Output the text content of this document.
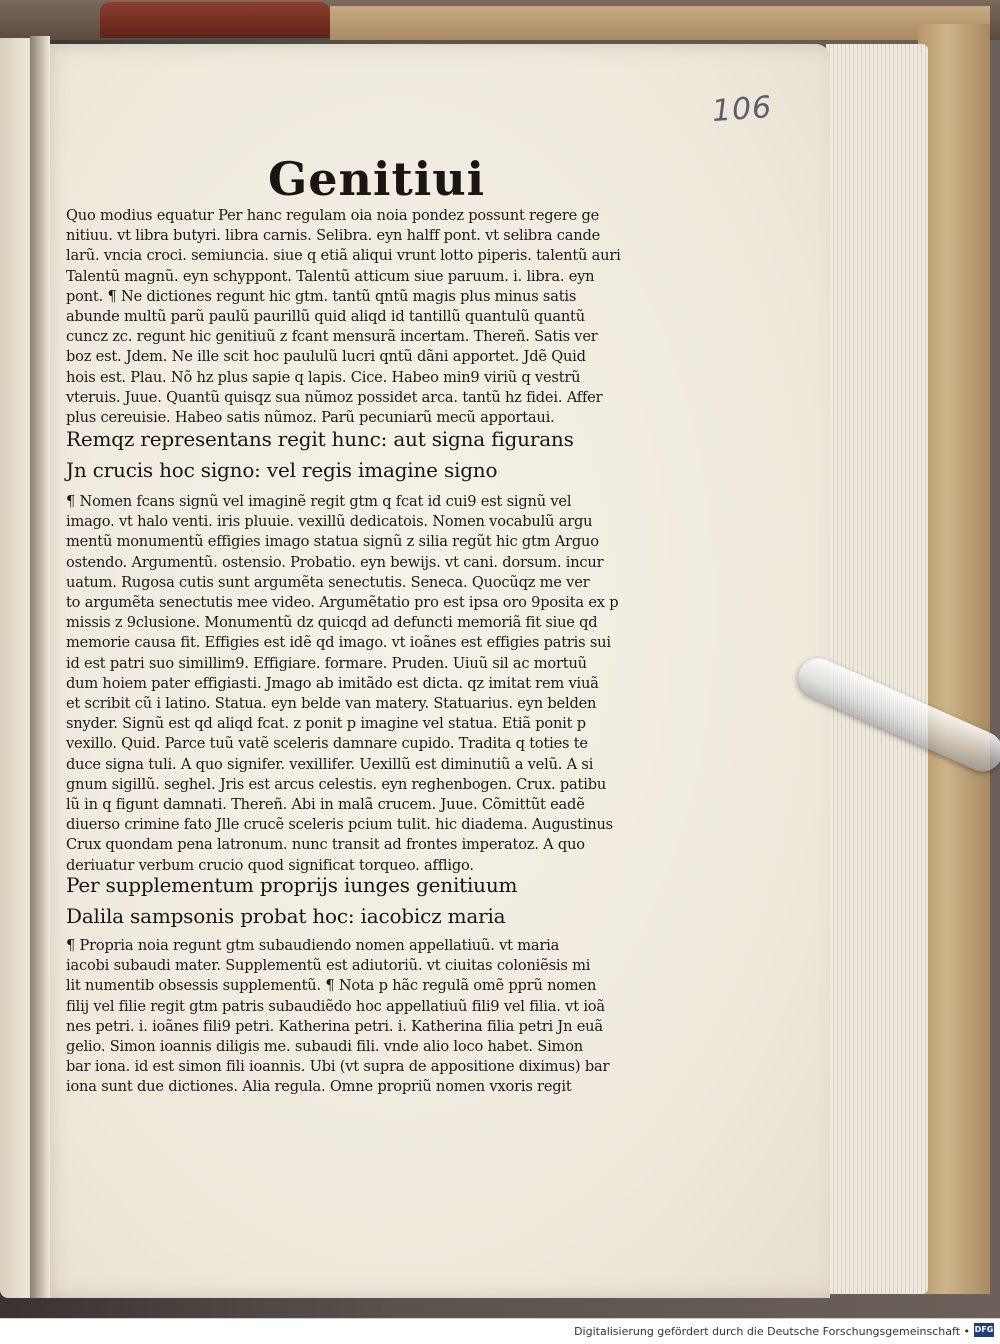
106
Genitiui
Quo modius equatur Per hanc regulam oia noia pondez possunt regere ge
nitiuu. vt libra butyri. libra carnis. Selibra. eyn halff pont. vt selibra cande
larũ. vncia croci. semiuncia. siue q etiã aliqui vrunt lotto piperis. talentũ auri
Talentũ magnũ. eyn schyppont. Talentũ atticum siue paruum. i. libra. eyn
pont. ¶ Ne dictiones regunt hic gtm. tantũ qntũ magis plus minus satis
abunde multũ parũ paulũ paurillũ quid aliqd id tantillũ quantulũ quantũ
cuncz zc. regunt hic genitiuũ z fcant mensurã incertam. Thereñ. Satis ver
boz est. Jdem. Ne ille scit hoc paululũ lucri qntũ dãni apportet. Jdẽ Quid
hois est. Plau. Nõ hz plus sapie q lapis. Cice. Habeo min9 viriũ q vestrũ
vteruis. Juue. Quantũ quisqz sua nũmoz possidet arca. tantũ hz fidei. Affer
plus cereuisie. Habeo satis nũmoz. Parũ pecuniarũ mecũ apportaui.
Remqz representans regit hunc: aut signa figurans
Jn crucis hoc signo: vel regis imagine signo
¶ Nomen fcans signũ vel imaginẽ regit gtm q fcat id cui9 est signũ vel
imago. vt halo venti. iris pluuie. vexillũ dedicatois. Nomen vocabulũ argu
mentũ monumentũ effigies imago statua signũ z silia regũt hic gtm Arguo
ostendo. Argumentũ. ostensio. Probatio. eyn bewijs. vt cani. dorsum. incur
uatum. Rugosa cutis sunt argumẽta senectutis. Seneca. Quocũqz me ver
to argumẽta senectutis mee video. Argumẽtatio pro est ipsa oro 9posita ex p
missis z 9clusione. Monumentũ dz quicqd ad defuncti memoriã fit siue qd
memorie causa fit. Effigies est idẽ qd imago. vt ioãnes est effigies patris sui
id est patri suo simillim9. Effigiare. formare. Pruden. Uiuũ sil ac mortuũ
dum hoiem pater effigiasti. Jmago ab imitãdo est dicta. qz imitat rem viuã
et scribit cũ i latino. Statua. eyn belde van matery. Statuarius. eyn belden
snyder. Signũ est qd aliqd fcat. z ponit p imagine vel statua. Etiã ponit p
vexillo. Quid. Parce tuũ vatẽ sceleris damnare cupido. Tradita q toties te
duce signa tuli. A quo signifer. vexillifer. Uexillũ est diminutiũ a velũ. A si
gnum sigillũ. seghel. Jris est arcus celestis. eyn reghenbogen. Crux. patibu
lũ in q figunt damnati. Thereñ. Abi in malã crucem. Juue. Cõmittũt eadẽ
diuerso crimine fato Jlle crucẽ sceleris pcium tulit. hic diadema. Augustinus
Crux quondam pena latronum. nunc transit ad frontes imperatoz. A quo
deriuatur verbum crucio quod significat torqueo. affligo.
Per supplementum proprijs iunges genitiuum
Dalila sampsonis probat hoc: iacobicz maria
¶ Propria noia regunt gtm subaudiendo nomen appellatiuũ. vt maria
iacobi subaudi mater. Supplementũ est adiutoriũ. vt ciuitas coloniẽsis mi
lit numentib obsessis supplementũ. ¶ Nota p hãc regulã omẽ pprũ nomen
filij vel filie regit gtm patris subaudiẽdo hoc appellatiuũ fili9 vel filia. vt ioã
nes petri. i. ioãnes fili9 petri. Katherina petri. i. Katherina filia petri Jn euã
gelio. Simon ioannis diligis me. subaudi fili. vnde alio loco habet. Simon
bar iona. id est simon fili ioannis. Ubi (vt supra de appositione diximus) bar
iona sunt due dictiones. Alia regula. Omne propriũ nomen vxoris regit
Digitalisierung gefördert durch die Deutsche Forschungsgemeinschaft • DFG
